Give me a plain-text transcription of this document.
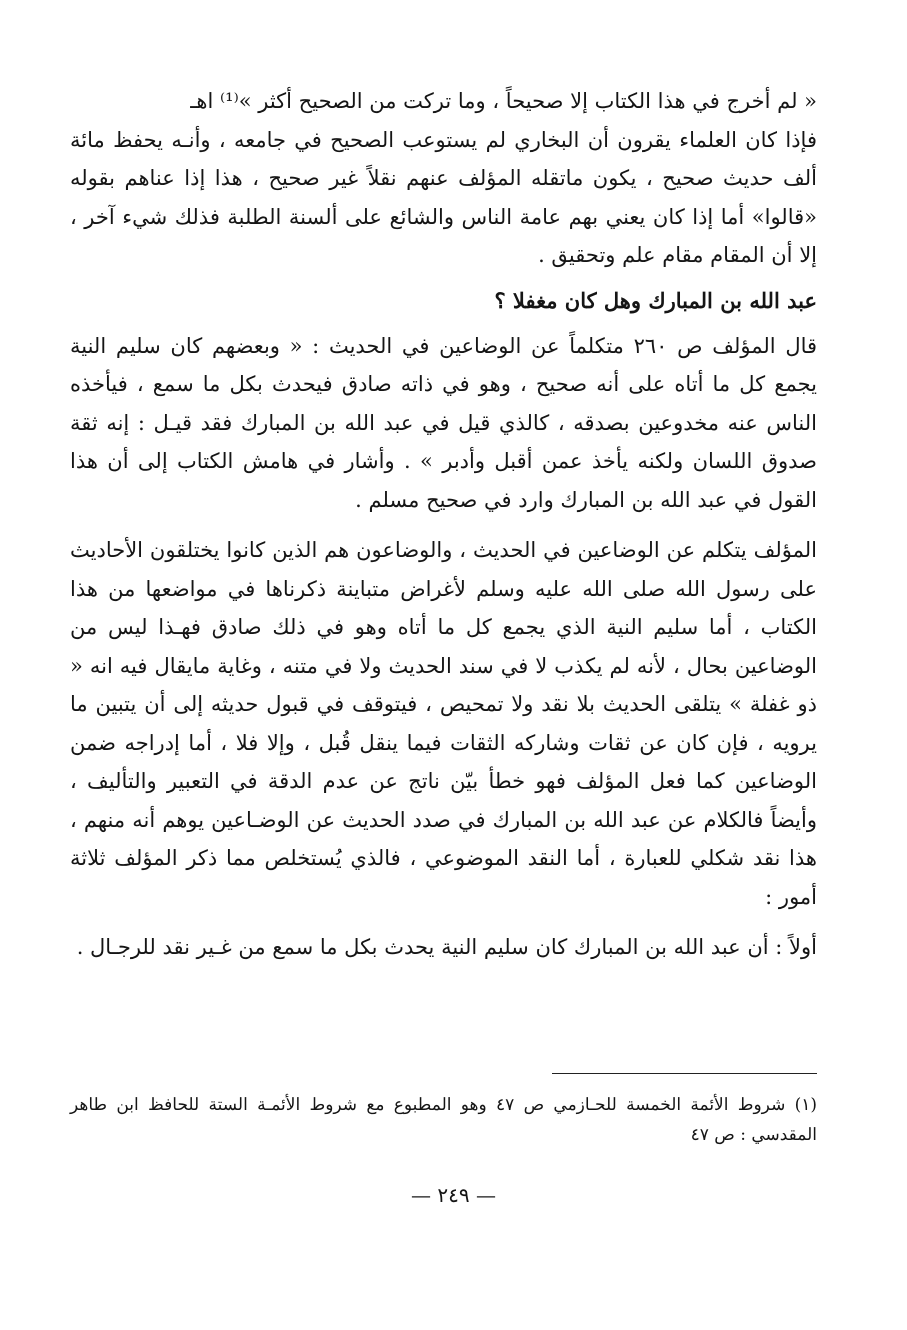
« لم أخرج في هذا الكتاب إلا صحيحاً ، وما تركت من الصحيح أكثر »⁽¹⁾ اهـ

فإذا كان العلماء يقرون أن البخاري لم يستوعب الصحيح في جامعه ، وأنـه يحفظ مائة ألف حديث صحيح ، يكون ماتقله المؤلف عنهم نقلاً غير صحيح ، هذا إذا عناهم بقوله «قالوا» أما إذا كان يعني بهم عامة الناس والشائع على ألسنة الطلبة فذلك شيء آخر ، إلا أن المقام مقام علم وتحقيق .

عبد الله بن المبارك وهل كان مغفلا ؟

قال المؤلف ص ٢٦٠ متكلماً عن الوضاعين في الحديث : « وبعضهم كان سليم النية يجمع كل ما أتاه على أنه صحيح ، وهو في ذاته صادق فيحدث بكل ما سمع ، فيأخذه الناس عنه مخدوعين بصدقه ، كالذي قيل في عبد الله بن المبارك فقد قيـل : إنه ثقة صدوق اللسان ولكنه يأخذ عمن أقبل وأدبر » . وأشار في هامش الكتاب إلى أن هذا القول في عبد الله بن المبارك وارد في صحيح مسلم .

المؤلف يتكلم عن الوضاعين في الحديث ، والوضاعون هم الذين كانوا يختلقون الأحاديث على رسول الله صلى الله عليه وسلم لأغراض متباينة ذكرناها في مواضعها من هذا الكتاب ، أما سليم النية الذي يجمع كل ما أتاه وهو في ذلك صادق فهـذا ليس من الوضاعين بحال ، لأنه لم يكذب لا في سند الحديث ولا في متنه ، وغاية مايقال فيه انه « ذو غفلة » يتلقى الحديث بلا نقد ولا تمحيص ، فيتوقف في قبول حديثه إلى أن يتبين ما يرويه ، فإن كان عن ثقات وشاركه الثقات فيما ينقل قُبل ، وإلا فلا ، أما إدراجه ضمن الوضاعين كما فعل المؤلف فهو خطأ بيّن ناتج عن عدم الدقة في التعبير والتأليف ، وأيضاً فالكلام عن عبد الله بن المبارك في صدد الحديث عن الوضـاعين يوهم أنه منهم ، هذا نقد شكلي للعبارة ، أما النقد الموضوعي ، فالذي يُستخلص مما ذكر المؤلف ثلاثة أمور :

أولاً : أن عبد الله بن المبارك كان سليم النية يحدث بكل ما سمع من غـير نقد للرجـال .

(١) شروط الأئمة الخمسة للحـازمي ص ٤٧ وهو المطبوع مع شروط الأئمـة الستة للحافظ ابن طاهر المقدسي : ص ٤٧

— ٢٤٩ —
